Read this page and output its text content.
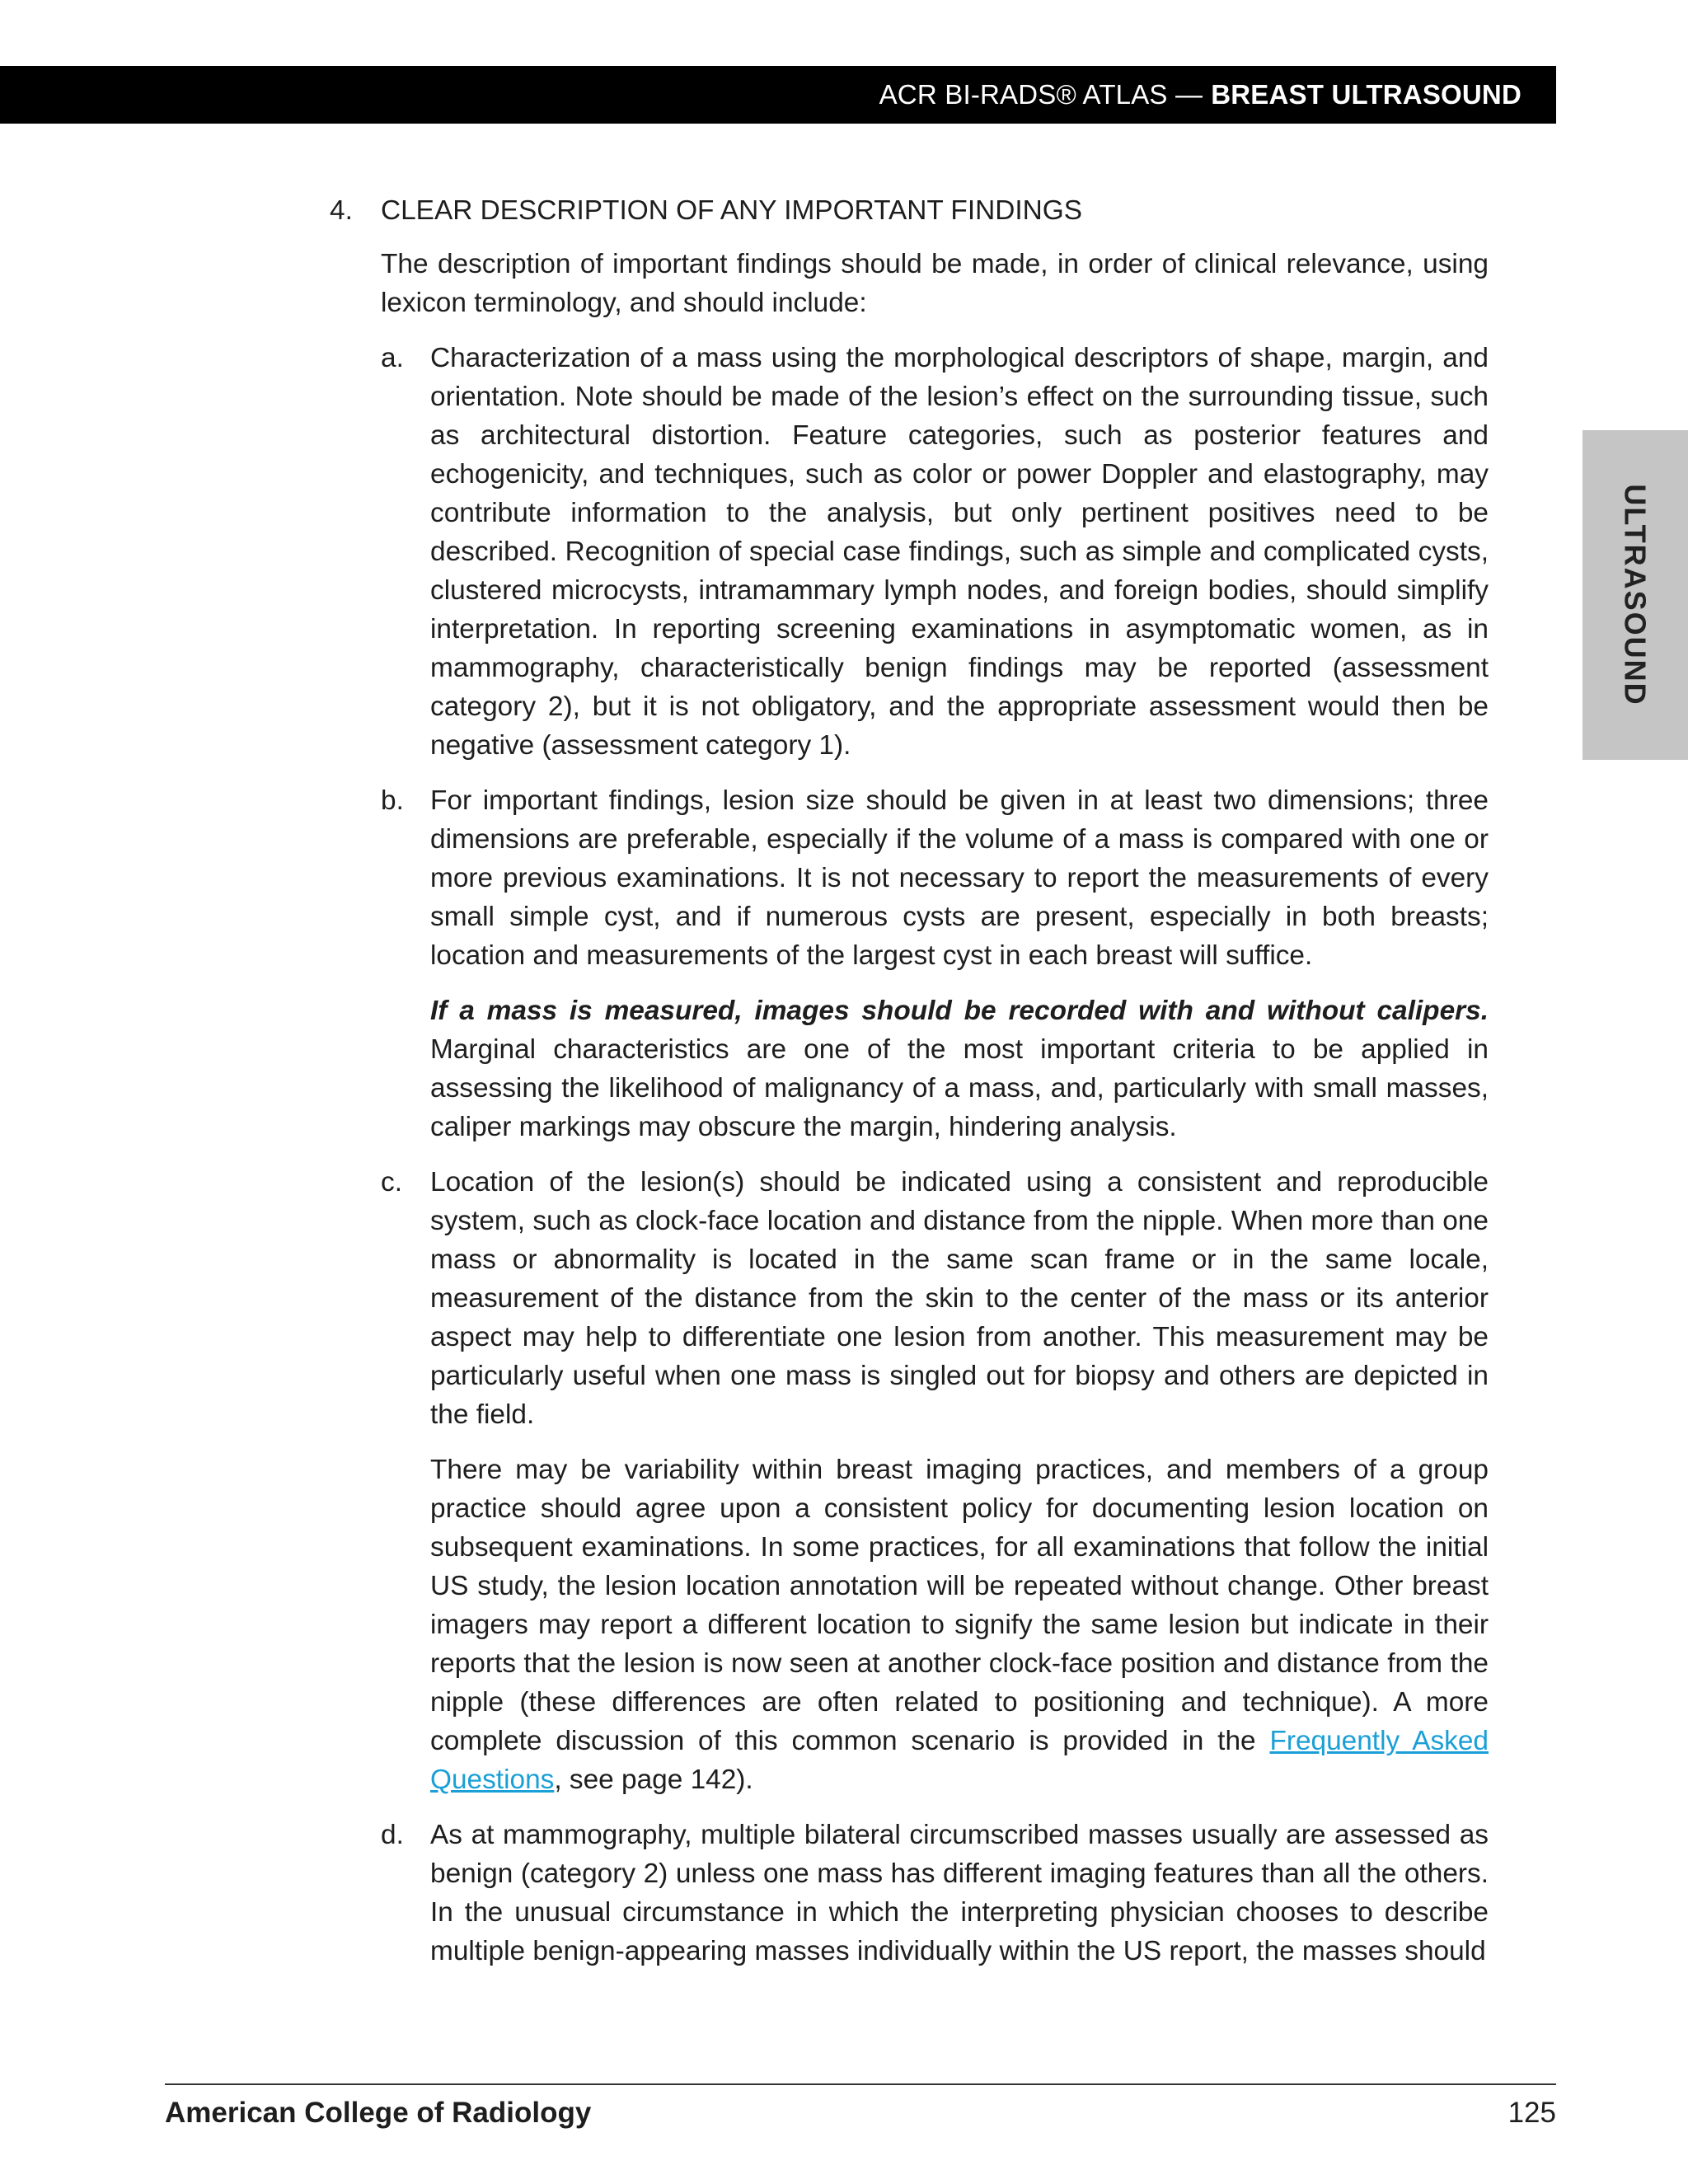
ACR BI-RADS® ATLAS — BREAST ULTRASOUND
ULTRASOUND
4.	CLEAR DESCRIPTION OF ANY IMPORTANT FINDINGS

The description of important findings should be made, in order of clinical relevance, using lexicon terminology, and should include:

a. Characterization of a mass using the morphological descriptors of shape, margin, and orientation. Note should be made of the lesion’s effect on the surrounding tissue, such as architectural distortion. Feature categories, such as posterior features and echogenicity, and techniques, such as color or power Doppler and elastography, may contribute information to the analysis, but only pertinent positives need to be described. Recognition of special case findings, such as simple and complicated cysts, clustered microcysts, intramammary lymph nodes, and foreign bodies, should simplify interpretation. In reporting screening examinations in asymptomatic women, as in mammography, characteristically benign findings may be reported (assessment category 2), but it is not obligatory, and the appropriate assessment would then be negative (assessment category 1).

b. For important findings, lesion size should be given in at least two dimensions; three dimensions are preferable, especially if the volume of a mass is compared with one or more previous examinations. It is not necessary to report the measurements of every small simple cyst, and if numerous cysts are present, especially in both breasts; location and measurements of the largest cyst in each breast will suffice.

If a mass is measured, images should be recorded with and without calipers. Marginal characteristics are one of the most important criteria to be applied in assessing the likelihood of malignancy of a mass, and, particularly with small masses, caliper markings may obscure the margin, hindering analysis.

c.	Location of the lesion(s) should be indicated using a consistent and reproducible system, such as clock-face location and distance from the nipple. When more than one mass or abnormality is located in the same scan frame or in the same locale, measurement of the distance from the skin to the center of the mass or its anterior aspect may help to differentiate one lesion from another. This measurement may be particularly useful when one mass is singled out for biopsy and others are depicted in the field.

There may be variability within breast imaging practices, and members of a group practice should agree upon a consistent policy for documenting lesion location on subsequent examinations. In some practices, for all examinations that follow the initial US study, the lesion location annotation will be repeated without change. Other breast imagers may report a different location to signify the same lesion but indicate in their reports that the lesion is now seen at another clock-face position and distance from the nipple (these differences are often related to positioning and technique). A more complete discussion of this common scenario is provided in the Frequently Asked Questions, see page 142).

d. As at mammography, multiple bilateral circumscribed masses usually are assessed as benign (category 2) unless one mass has different imaging features than all the others. In the unusual circumstance in which the interpreting physician chooses to describe multiple benign-appearing masses individually within the US report, the masses should

American College of Radiology	125
